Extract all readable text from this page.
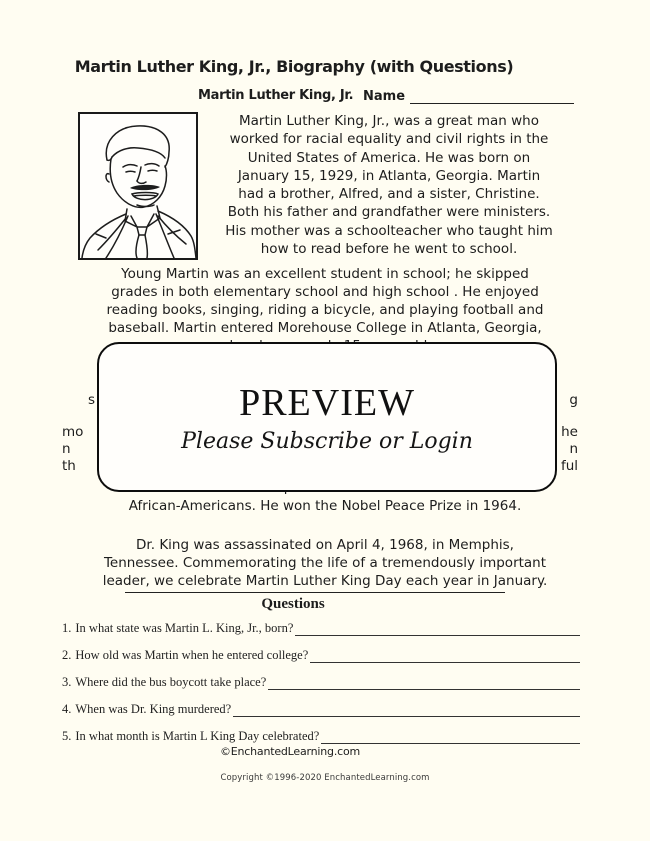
Martin Luther King, Jr., Biography (with Questions)
Martin Luther King, Jr. Name
Martin Luther King, Jr., was a great man who
worked for racial equality and civil rights in the
United States of America. He was born on
January 15, 1929, in Atlanta, Georgia. Martin
had a brother, Alfred, and a sister, Christine.
Both his father and grandfather were ministers.
His mother was a schoolteacher who taught him
how to read before he went to school.
Young Martin was an excellent student in school; he skipped
grades in both elementary school and high school . He enjoyed
reading books, singing, riding a bicycle, and playing football and
baseball. Martin entered Morehouse College in Atlanta, Georgia,
s	g
mo	he
n	n
th	ful
African-Americans. He won the Nobel Peace Prize in 1964.
Dr. King was assassinated on April 4, 1968, in Memphis,
Tennessee. Commemorating the life of a tremendously important
leader, we celebrate Martin Luther King Day each year in January.
PREVIEW
Please Subscribe or Login
Questions
1. In what state was Martin L. King, Jr., born?
2. How old was Martin when he entered college?
3. Where did the bus boycott take place?
4. When was Dr. King murdered?
5. In what month is Martin L King Day celebrated?
©EnchantedLearning.com
Copyright ©1996-2020 EnchantedLearning.com
